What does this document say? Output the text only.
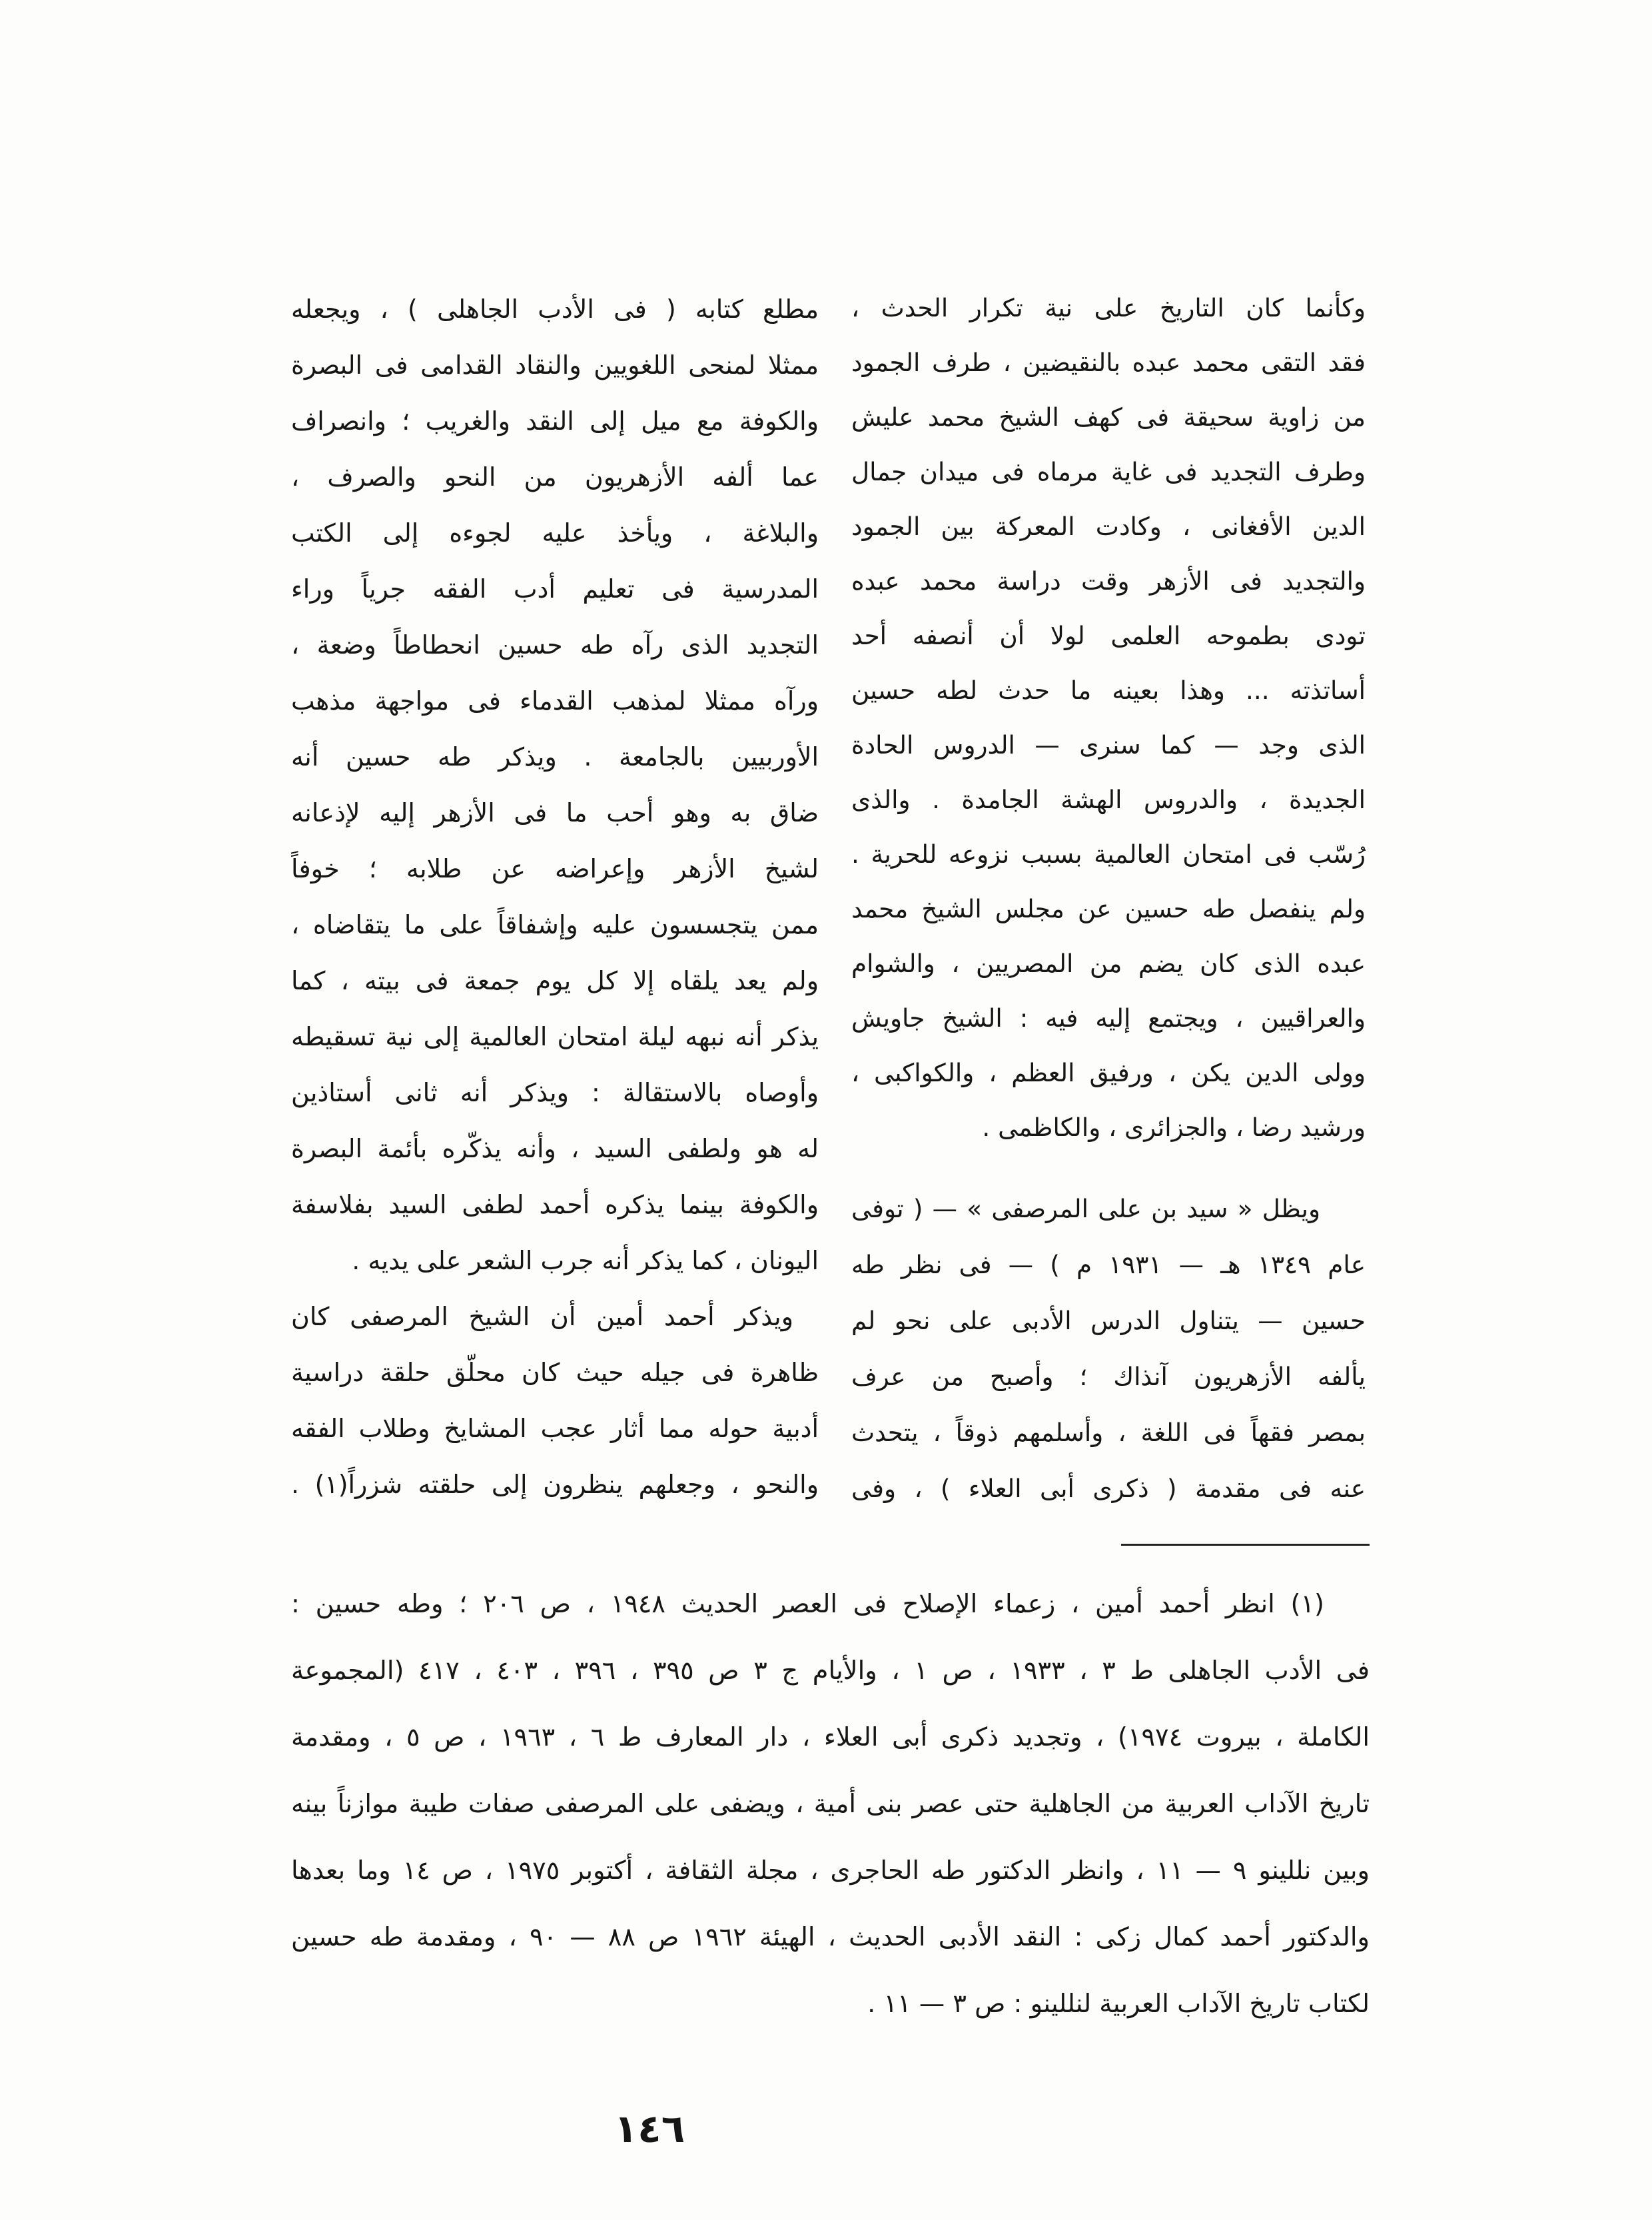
وكأنما كان التاريخ على نية تكرار الحدث ،
فقد التقى محمد عبده بالنقيضين ، طرف الجمود
من زاوية سحيقة فى كهف الشيخ محمد عليش
وطرف التجديد فى غاية مرماه فى ميدان جمال
الدين الأفغانى ، وكادت المعركة بين الجمود
والتجديد فى الأزهر وقت دراسة محمد عبده
تودى بطموحه العلمى لولا أن أنصفه أحد
أساتذته ... وهذا بعينه ما حدث لطه حسين
الذى وجد — كما سنرى — الدروس الحادة
الجديدة ، والدروس الهشة الجامدة . والذى
رُسّب فى امتحان العالمية بسبب نزوعه للحرية .
ولم ينفصل طه حسين عن مجلس الشيخ محمد
عبده الذى كان يضم من المصريين ، والشوام
والعراقيين ، ويجتمع إليه فيه : الشيخ جاويش
وولى الدين يكن ، ورفيق العظم ، والكواكبى ،
ورشيد رضا ، والجزائرى ، والكاظمى .
ويظل « سيد بن على المرصفى » — ( توفى
عام ١٣٤٩ هـ — ١٩٣١ م ) — فى نظر طه
حسين — يتناول الدرس الأدبى على نحو لم
يألفه الأزهريون آنذاك ؛ وأصبح من عرف
بمصر فقهاً فى اللغة ، وأسلمهم ذوقاً ، يتحدث
عنه فى مقدمة ( ذكرى أبى العلاء ) ، وفى
مطلع كتابه ( فى الأدب الجاهلى ) ، ويجعله
ممثلا لمنحى اللغويين والنقاد القدامى فى البصرة
والكوفة مع ميل إلى النقد والغريب ؛ وانصراف
عما ألفه الأزهريون من النحو والصرف ،
والبلاغة ، ويأخذ عليه لجوءه إلى الكتب
المدرسية فى تعليم أدب الفقه جرياً وراء
التجديد الذى رآه طه حسين انحطاطاً وضعة ،
ورآه ممثلا لمذهب القدماء فى مواجهة مذهب
الأوربيين بالجامعة . ويذكر طه حسين أنه
ضاق به وهو أحب ما فى الأزهر إليه لإذعانه
لشيخ الأزهر وإعراضه عن طلابه ؛ خوفاً
ممن يتجسسون عليه وإشفاقاً على ما يتقاضاه ،
ولم يعد يلقاه إلا كل يوم جمعة فى بيته ، كما
يذكر أنه نبهه ليلة امتحان العالمية إلى نية تسقيطه
وأوصاه بالاستقالة : ويذكر أنه ثانى أستاذين
له هو ولطفى السيد ، وأنه يذكّره بأئمة البصرة
والكوفة بينما يذكره أحمد لطفى السيد بفلاسفة
اليونان ، كما يذكر أنه جرب الشعر على يديه .
ويذكر أحمد أمين أن الشيخ المرصفى كان
ظاهرة فى جيله حيث كان محلّق حلقة دراسية
أدبية حوله مما أثار عجب المشايخ وطلاب الفقه
والنحو ، وجعلهم ينظرون إلى حلقته شزراً(١) .
(١) انظر أحمد أمين ، زعماء الإصلاح فى العصر الحديث ١٩٤٨ ، ص ٢٠٦ ؛ وطه حسين :
فى الأدب الجاهلى ط ٣ ، ١٩٣٣ ، ص ١ ، والأيام ج ٣ ص ٣٩٥ ، ٣٩٦ ، ٤٠٣ ، ٤١٧ (المجموعة
الكاملة ، بيروت ١٩٧٤) ، وتجديد ذكرى أبى العلاء ، دار المعارف ط ٦ ، ١٩٦٣ ، ص ٥ ، ومقدمة
تاريخ الآداب العربية من الجاهلية حتى عصر بنى أمية ، ويضفى على المرصفى صفات طيبة موازناً بينه
وبين نللينو ٩ — ١١ ، وانظر الدكتور طه الحاجرى ، مجلة الثقافة ، أكتوبر ١٩٧٥ ، ص ١٤ وما بعدها
والدكتور أحمد كمال زكى : النقد الأدبى الحديث ، الهيئة ١٩٦٢ ص ٨٨ — ٩٠ ، ومقدمة طه حسين
لكتاب تاريخ الآداب العربية لنللينو : ص ٣ — ١١ .
١٤٦
